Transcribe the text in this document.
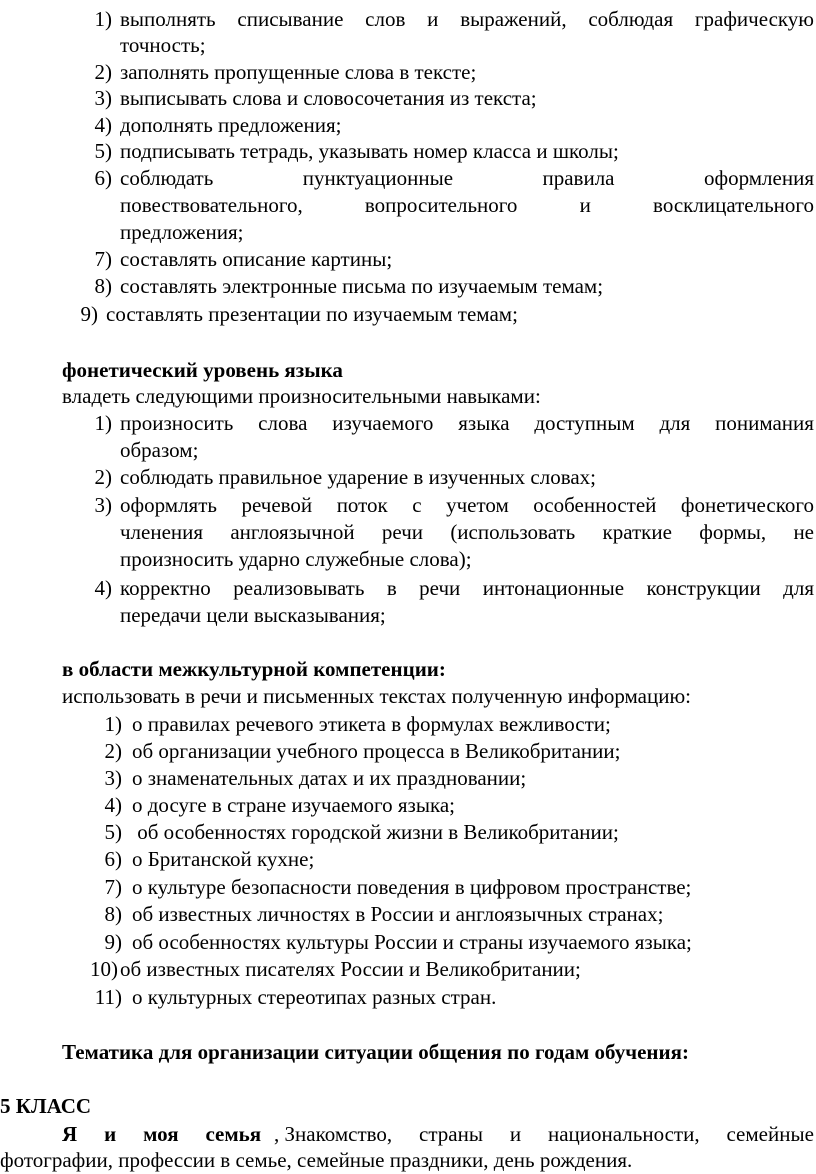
1) выполнять списывание слов и выражений, соблюдая графическую
точность;
2) заполнять пропущенные слова в тексте;
3) выписывать слова и словосочетания из текста;
4) дополнять предложения;
5) подписывать тетрадь, указывать номер класса и школы;
6) соблюдать	пунктуационные	правила	оформления
повествовательного,	вопросительного	и	восклицательного
предложения;
7) составлять описание картины;
8) составлять электронные письма по изучаемым темам;
9) составлять презентации по изучаемым темам;
фонетический уровень языка
владеть следующими произносительными навыками:
1) произносить слова изучаемого языка доступным для понимания
образом;
2) соблюдать правильное ударение в изученных словах;
3) оформлять речевой поток с учетом особенностей фонетического
членения англоязычной речи (использовать краткие формы, не
произносить ударно служебные слова);
4) корректно реализовывать в речи интонационные конструкции для
передачи цели высказывания;
в области межкультурной компетенции:
использовать в речи и письменных текстах полученную информацию:
1) о правилах речевого этикета в формулах вежливости;
2) об организации учебного процесса в Великобритании;
3) о знаменательных датах и их праздновании;
4) о досуге в стране изучаемого языка;
5) об особенностях городской жизни в Великобритании;
6) о Британской кухне;
7) о культуре безопасности поведения в цифровом пространстве;
8) об известных личностях в России и англоязычных странах;
9) об особенностях культуры России и страны изучаемого языка;
10) об известных писателях России и Великобритании;
11) о культурных стереотипах разных стран.
Тематика для организации ситуации общения по годам обучения:
5 КЛАСС
Я и моя семья , Знакомство, страны и национальности, семейные
фотографии, профессии в семье, семейные праздники, день рождения.
